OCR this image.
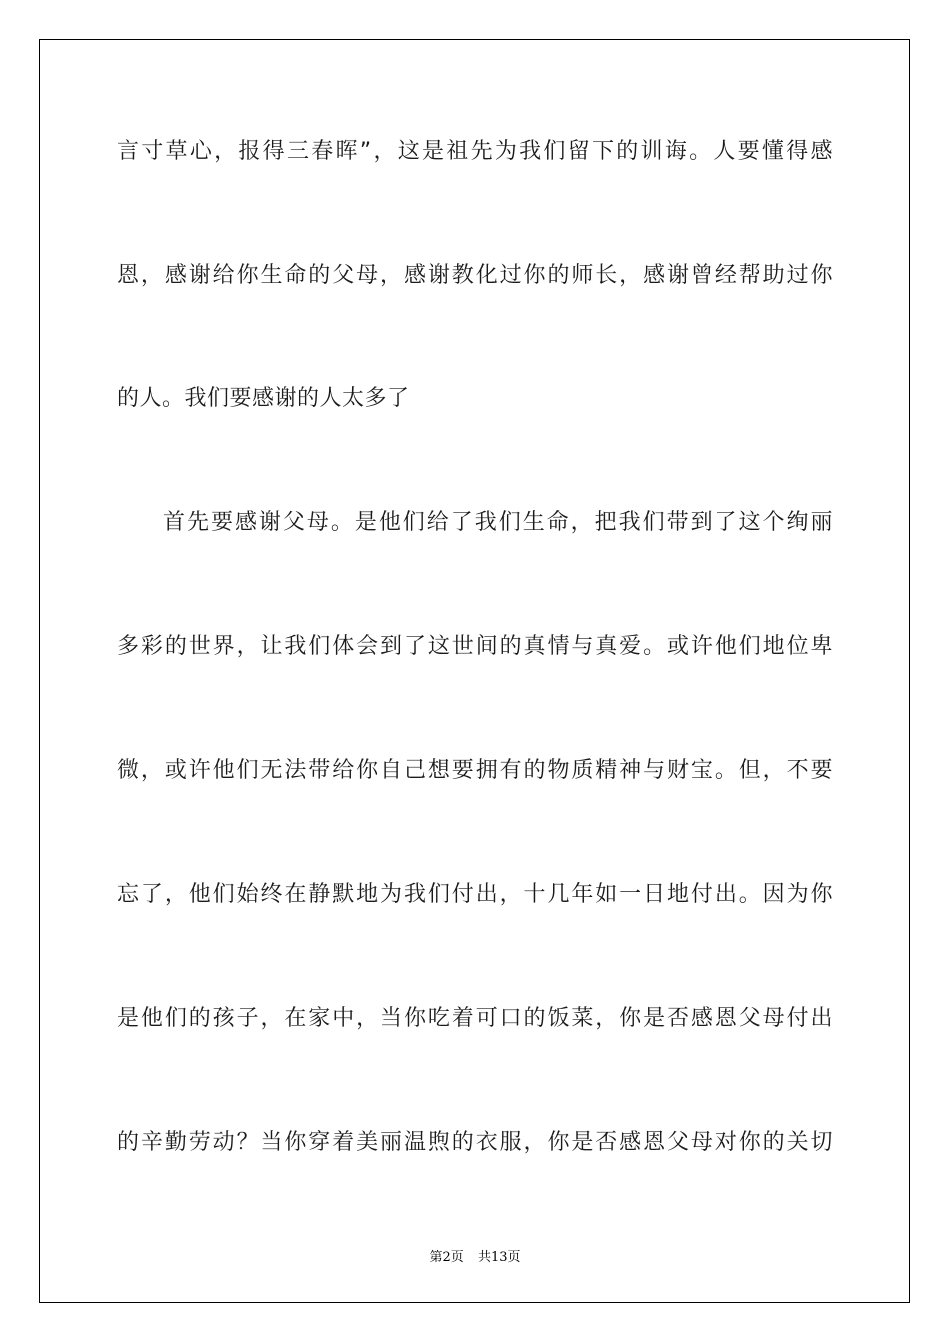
言寸草心，报得三春晖”，这是祖先为我们留下的训诲。人要懂得感
恩，感谢给你生命的父母，感谢教化过你的师长，感谢曾经帮助过你
的人。我们要感谢的人太多了
首先要感谢父母。是他们给了我们生命，把我们带到了这个绚丽
多彩的世界，让我们体会到了这世间的真情与真爱。或许他们地位卑
微，或许他们无法带给你自己想要拥有的物质精神与财宝。但，不要
忘了，他们始终在静默地为我们付出，十几年如一日地付出。因为你
是他们的孩子，在家中，当你吃着可口的饭菜，你是否感恩父母付出
的辛勤劳动？当你穿着美丽温煦的衣服，你是否感恩父母对你的关切
第2页 共13页
